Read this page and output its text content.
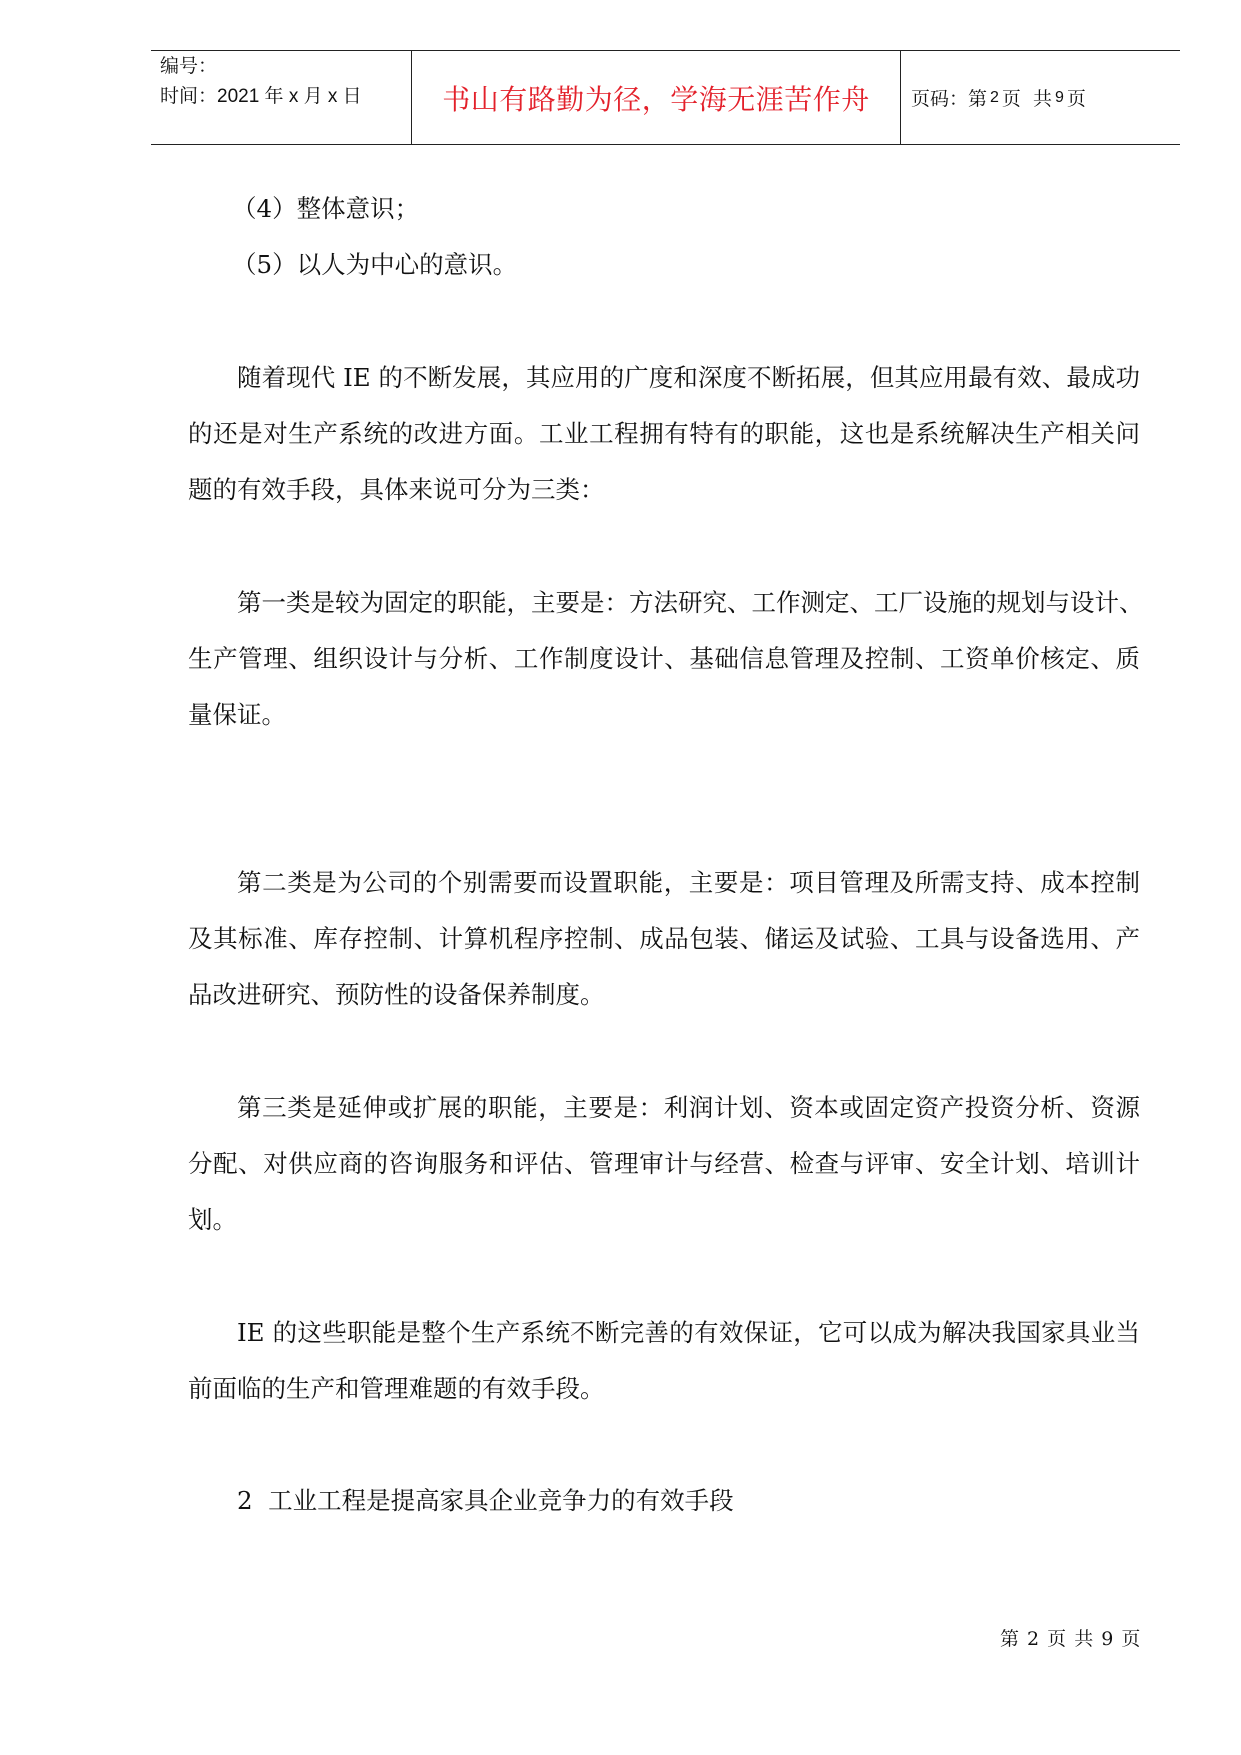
编号：
时间：2021 年 x 月 x 日	书山有路勤为径，学海无涯苦作舟	页码：第 2 页 共 9 页
（4）整体意识；
（5）以人为中心的意识。
随着现代 IE 的不断发展，其应用的广度和深度不断拓展，但其应用最有效、最成功
的还是对生产系统的改进方面。工业工程拥有特有的职能，这也是系统解决生产相关问
题的有效手段，具体来说可分为三类：
第一类是较为固定的职能，主要是：方法研究、工作测定、工厂设施的规划与设计、
生产管理、组织设计与分析、工作制度设计、基础信息管理及控制、工资单价核定、质
量保证。
第二类是为公司的个别需要而设置职能，主要是：项目管理及所需支持、成本控制
及其标准、库存控制、计算机程序控制、成品包装、储运及试验、工具与设备选用、产
品改进研究、预防性的设备保养制度。
第三类是延伸或扩展的职能，主要是：利润计划、资本或固定资产投资分析、资源
分配、对供应商的咨询服务和评估、管理审计与经营、检查与评审、安全计划、培训计
划。
IE 的这些职能是整个生产系统不断完善的有效保证，它可以成为解决我国家具业当
前面临的生产和管理难题的有效手段。
2  工业工程是提高家具企业竞争力的有效手段
第 2 页 共 9 页
